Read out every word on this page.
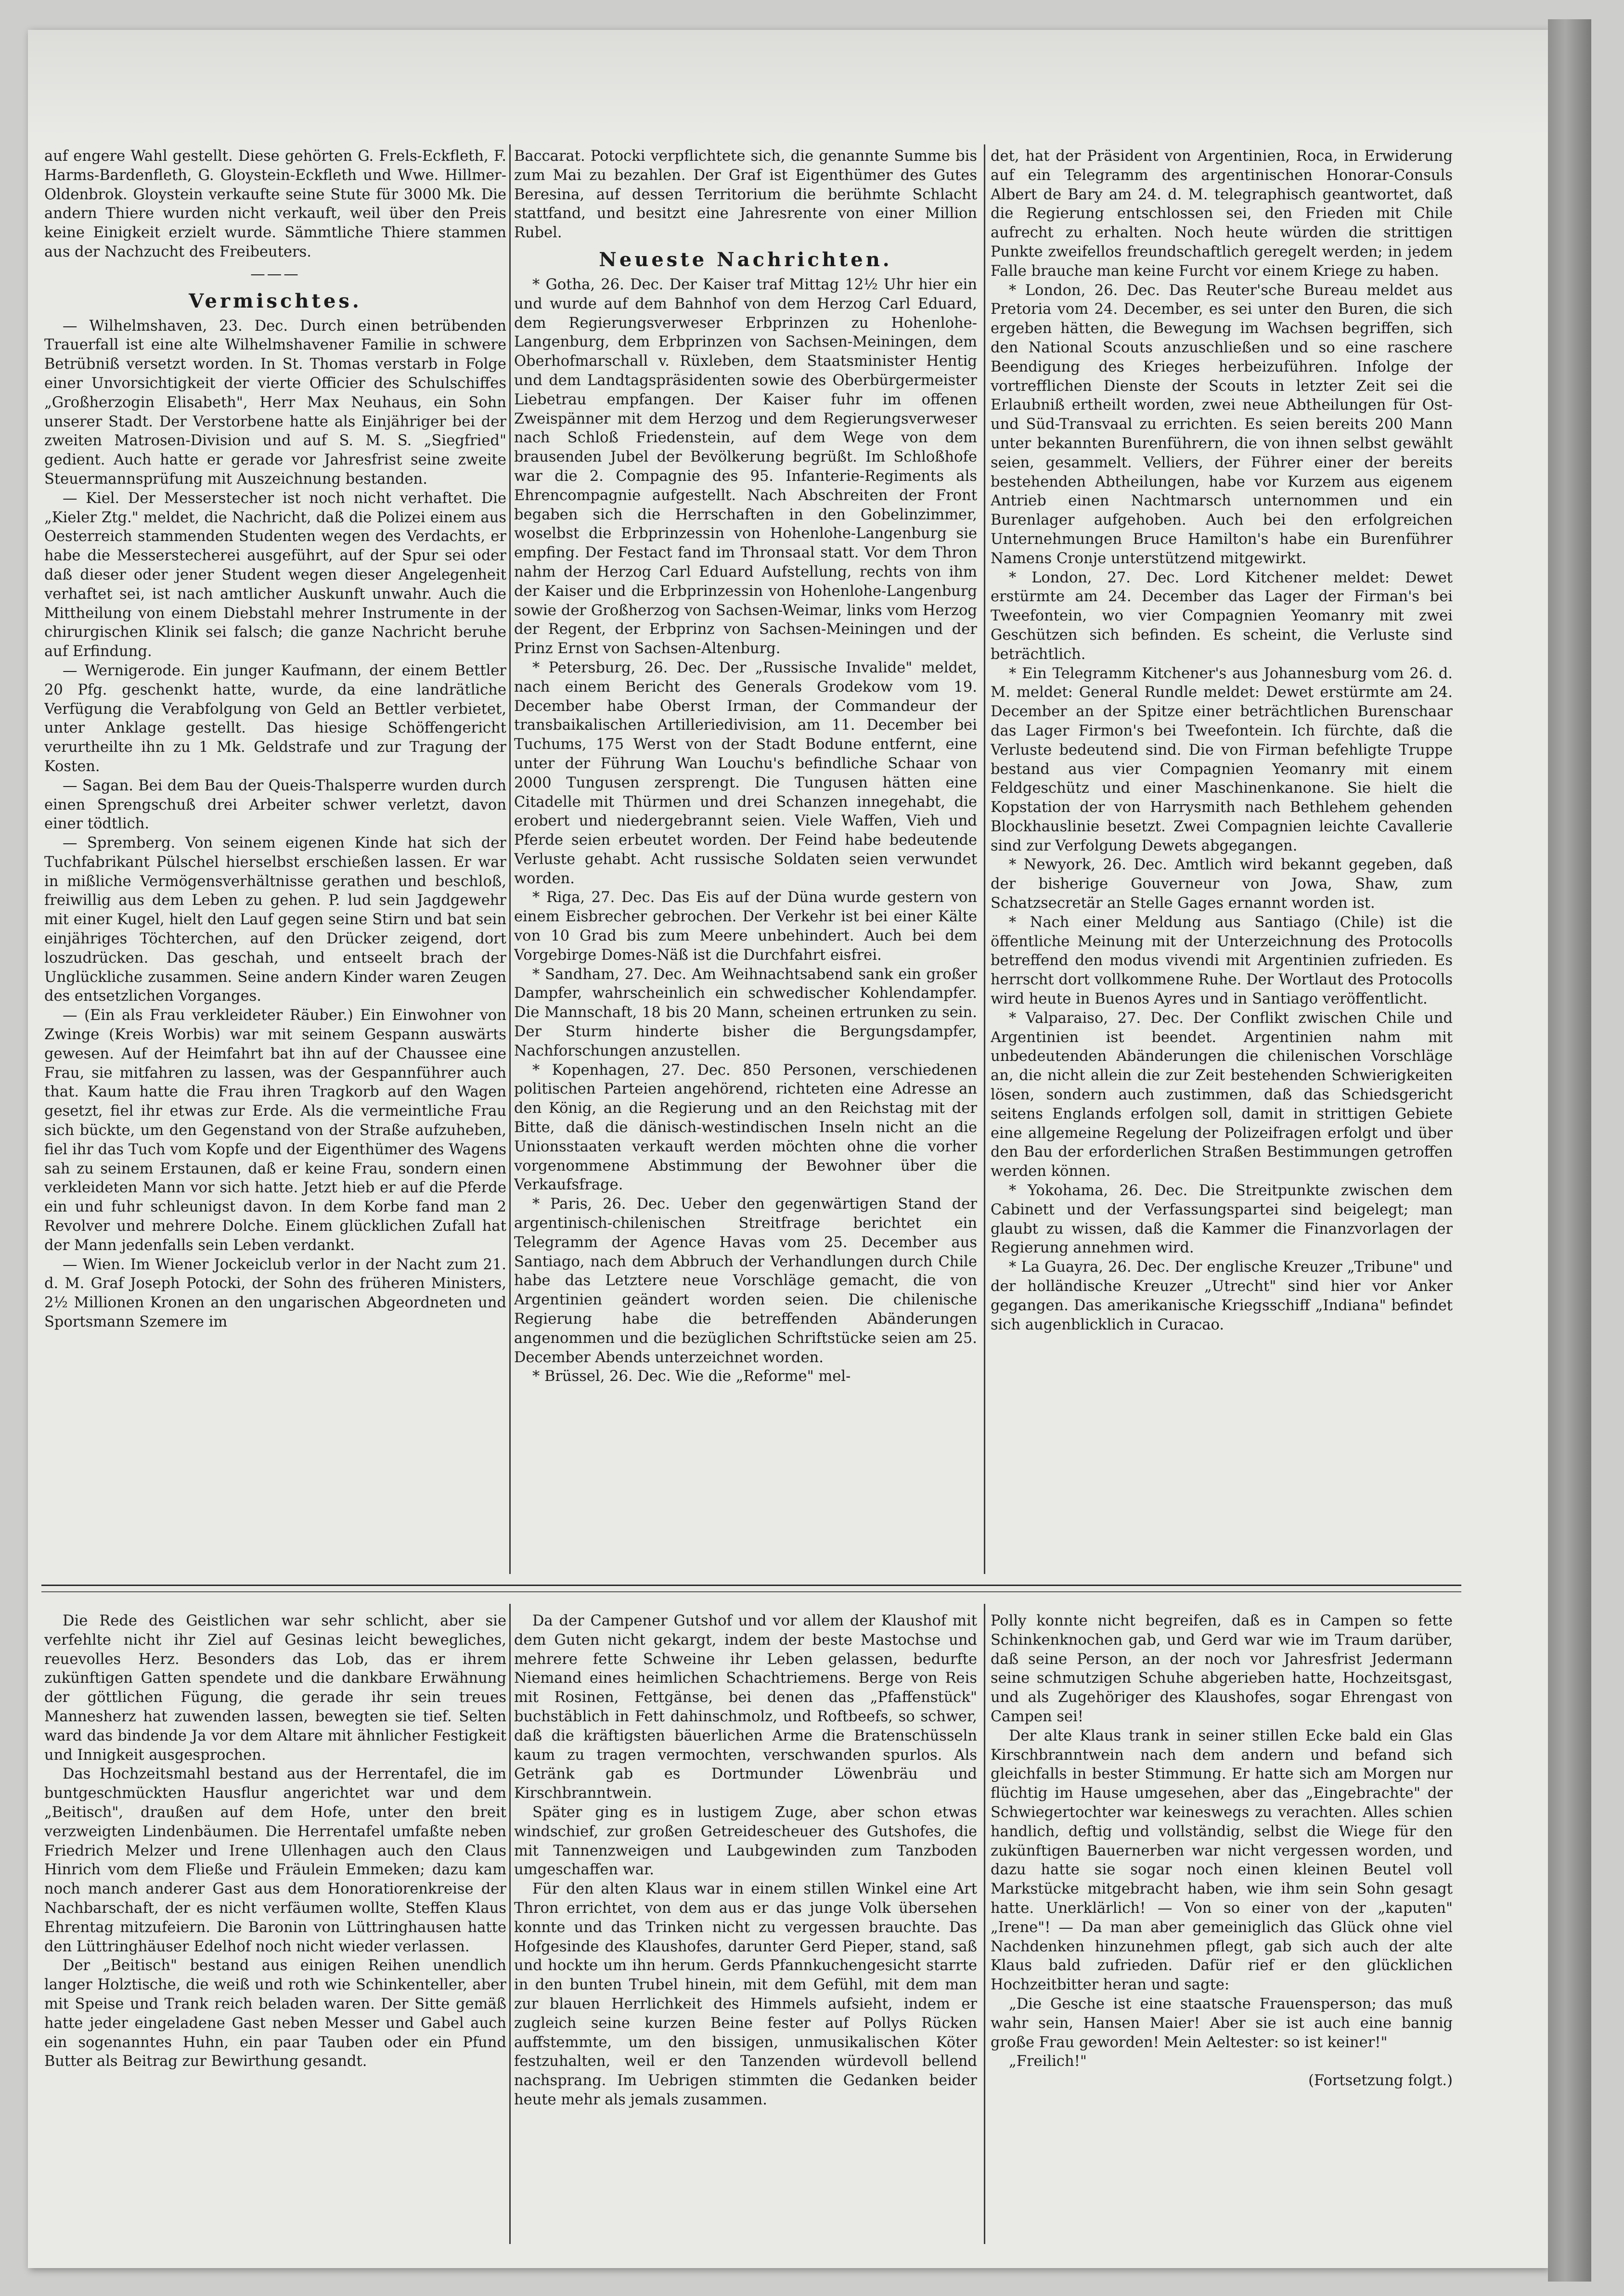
auf engere Wahl gestellt. Diese gehörten G. Frels-Eckfleth, F. Harms-Bardenfleth, G. Gloystein-Eckfleth und Wwe. Hillmer-Oldenbrok. Gloystein verkaufte seine Stute für 3000 Mk. Die andern Thiere wurden nicht verkauft, weil über den Preis keine Einigkeit erzielt wurde. Sämmtliche Thiere stammen aus der Nachzucht des Freibeuters.

———
Vermischtes.

— Wilhelmshaven, 23. Dec. Durch einen betrübenden Trauerfall ist eine alte Wilhelmshavener Familie in schwere Betrübniß versetzt worden. In St. Thomas verstarb in Folge einer Unvorsichtigkeit der vierte Officier des Schulschiffes „Großherzogin Elisabeth", Herr Max Neuhaus, ein Sohn unserer Stadt. Der Verstorbene hatte als Einjähriger bei der zweiten Matrosen-Division und auf S. M. S. „Siegfried" gedient. Auch hatte er gerade vor Jahresfrist seine zweite Steuermannsprüfung mit Auszeichnung bestanden.

— Kiel. Der Messerstecher ist noch nicht verhaftet. Die „Kieler Ztg." meldet, die Nachricht, daß die Polizei einem aus Oesterreich stammenden Studenten wegen des Verdachts, er habe die Messerstecherei ausgeführt, auf der Spur sei oder daß dieser oder jener Student wegen dieser Angelegenheit verhaftet sei, ist nach amtlicher Auskunft unwahr. Auch die Mittheilung von einem Diebstahl mehrer Instrumente in der chirurgischen Klinik sei falsch; die ganze Nachricht beruhe auf Erfindung.

— Wernigerode. Ein junger Kaufmann, der einem Bettler 20 Pfg. geschenkt hatte, wurde, da eine landrätliche Verfügung die Verabfolgung von Geld an Bettler verbietet, unter Anklage gestellt. Das hiesige Schöffengericht verurtheilte ihn zu 1 Mk. Geldstrafe und zur Tragung der Kosten.

— Sagan. Bei dem Bau der Queis-Thalsperre wurden durch einen Sprengschuß drei Arbeiter schwer verletzt, davon einer tödtlich.

— Spremberg. Von seinem eigenen Kinde hat sich der Tuchfabrikant Pülschel hierselbst erschießen lassen. Er war in mißliche Vermögensverhältnisse gerathen und beschloß, freiwillig aus dem Leben zu gehen. P. lud sein Jagdgewehr mit einer Kugel, hielt den Lauf gegen seine Stirn und bat sein einjähriges Töchterchen, auf den Drücker zeigend, dort loszudrücken. Das geschah, und entseelt brach der Unglückliche zusammen. Seine andern Kinder waren Zeugen des entsetzlichen Vorganges.

— (Ein als Frau verkleideter Räuber.) Ein Einwohner von Zwinge (Kreis Worbis) war mit seinem Gespann auswärts gewesen. Auf der Heimfahrt bat ihn auf der Chaussee eine Frau, sie mitfahren zu lassen, was der Gespannführer auch that. Kaum hatte die Frau ihren Tragkorb auf den Wagen gesetzt, fiel ihr etwas zur Erde. Als die vermeintliche Frau sich bückte, um den Gegenstand von der Straße aufzuheben, fiel ihr das Tuch vom Kopfe und der Eigenthümer des Wagens sah zu seinem Erstaunen, daß er keine Frau, sondern einen verkleideten Mann vor sich hatte. Jetzt hieb er auf die Pferde ein und fuhr schleunigst davon. In dem Korbe fand man 2 Revolver und mehrere Dolche. Einem glücklichen Zufall hat der Mann jedenfalls sein Leben verdankt.

— Wien. Im Wiener Jockeiclub verlor in der Nacht zum 21. d. M. Graf Joseph Potocki, der Sohn des früheren Ministers, 2½ Millionen Kronen an den ungarischen Abgeordneten und Sportsmann Szemere im

Baccarat. Potocki verpflichtete sich, die genannte Summe bis zum Mai zu bezahlen. Der Graf ist Eigenthümer des Gutes Beresina, auf dessen Territorium die berühmte Schlacht stattfand, und besitzt eine Jahresrente von einer Million Rubel.

Neueste Nachrichten.

* Gotha, 26. Dec. Der Kaiser traf Mittag 12½ Uhr hier ein und wurde auf dem Bahnhof von dem Herzog Carl Eduard, dem Regierungsverweser Erbprinzen zu Hohenlohe-Langenburg, dem Erbprinzen von Sachsen-Meiningen, dem Oberhofmarschall v. Rüxleben, dem Staatsminister Hentig und dem Landtagspräsidenten sowie des Oberbürgermeister Liebetrau empfangen. Der Kaiser fuhr im offenen Zweispänner mit dem Herzog und dem Regierungsverweser nach Schloß Friedenstein, auf dem Wege von dem brausenden Jubel der Bevölkerung begrüßt. Im Schloßhofe war die 2. Compagnie des 95. Infanterie-Regiments als Ehrencompagnie aufgestellt. Nach Abschreiten der Front begaben sich die Herrschaften in den Gobelinzimmer, woselbst die Erbprinzessin von Hohenlohe-Langenburg sie empfing. Der Festact fand im Thronsaal statt. Vor dem Thron nahm der Herzog Carl Eduard Aufstellung, rechts von ihm der Kaiser und die Erbprinzessin von Hohenlohe-Langenburg sowie der Großherzog von Sachsen-Weimar, links vom Herzog der Regent, der Erbprinz von Sachsen-Meiningen und der Prinz Ernst von Sachsen-Altenburg.

* Petersburg, 26. Dec. Der „Russische Invalide" meldet, nach einem Bericht des Generals Grodekow vom 19. December habe Oberst Irman, der Commandeur der transbaikalischen Artilleriedivision, am 11. December bei Tuchums, 175 Werst von der Stadt Bodune entfernt, eine unter der Führung Wan Louchu's befindliche Schaar von 2000 Tungusen zersprengt. Die Tungusen hätten eine Citadelle mit Thürmen und drei Schanzen innegehabt, die erobert und niedergebrannt seien. Viele Waffen, Vieh und Pferde seien erbeutet worden. Der Feind habe bedeutende Verluste gehabt. Acht russische Soldaten seien verwundet worden.

* Riga, 27. Dec. Das Eis auf der Düna wurde gestern von einem Eisbrecher gebrochen. Der Verkehr ist bei einer Kälte von 10 Grad bis zum Meere unbehindert. Auch bei dem Vorgebirge Domes-Näß ist die Durchfahrt eisfrei.

* Sandham, 27. Dec. Am Weihnachtsabend sank ein großer Dampfer, wahrscheinlich ein schwedischer Kohlendampfer. Die Mannschaft, 18 bis 20 Mann, scheinen ertrunken zu sein. Der Sturm hinderte bisher die Bergungsdampfer, Nachforschungen anzustellen.

* Kopenhagen, 27. Dec. 850 Personen, verschiedenen politischen Parteien angehörend, richteten eine Adresse an den König, an die Regierung und an den Reichstag mit der Bitte, daß die dänisch-westindischen Inseln nicht an die Unionsstaaten verkauft werden möchten ohne die vorher vorgenommene Abstimmung der Bewohner über die Verkaufsfrage.

* Paris, 26. Dec. Ueber den gegenwärtigen Stand der argentinisch-chilenischen Streitfrage berichtet ein Telegramm der Agence Havas vom 25. December aus Santiago, nach dem Abbruch der Verhandlungen durch Chile habe das Letztere neue Vorschläge gemacht, die von Argentinien geändert worden seien. Die chilenische Regierung habe die betreffenden Abänderungen angenommen und die bezüglichen Schriftstücke seien am 25. December Abends unterzeichnet worden.

* Brüssel, 26. Dec. Wie die „Reforme" mel-

det, hat der Präsident von Argentinien, Roca, in Erwiderung auf ein Telegramm des argentinischen Honorar-Consuls Albert de Bary am 24. d. M. telegraphisch geantwortet, daß die Regierung entschlossen sei, den Frieden mit Chile aufrecht zu erhalten. Noch heute würden die strittigen Punkte zweifellos freundschaftlich geregelt werden; in jedem Falle brauche man keine Furcht vor einem Kriege zu haben.

* London, 26. Dec. Das Reuter'sche Bureau meldet aus Pretoria vom 24. December, es sei unter den Buren, die sich ergeben hätten, die Bewegung im Wachsen begriffen, sich den National Scouts anzuschließen und so eine raschere Beendigung des Krieges herbeizuführen. Infolge der vortrefflichen Dienste der Scouts in letzter Zeit sei die Erlaubniß ertheilt worden, zwei neue Abtheilungen für Ost- und Süd-Transvaal zu errichten. Es seien bereits 200 Mann unter bekannten Burenführern, die von ihnen selbst gewählt seien, gesammelt. Velliers, der Führer einer der bereits bestehenden Abtheilungen, habe vor Kurzem aus eigenem Antrieb einen Nachtmarsch unternommen und ein Burenlager aufgehoben. Auch bei den erfolgreichen Unternehmungen Bruce Hamilton's habe ein Burenführer Namens Cronje unterstützend mitgewirkt.

* London, 27. Dec. Lord Kitchener meldet: Dewet erstürmte am 24. December das Lager der Firman's bei Tweefontein, wo vier Compagnien Yeomanry mit zwei Geschützen sich befinden. Es scheint, die Verluste sind beträchtlich.

* Ein Telegramm Kitchener's aus Johannesburg vom 26. d. M. meldet: General Rundle meldet: Dewet erstürmte am 24. December an der Spitze einer beträchtlichen Burenschaar das Lager Firmon's bei Tweefontein. Ich fürchte, daß die Verluste bedeutend sind. Die von Firman befehligte Truppe bestand aus vier Compagnien Yeomanry mit einem Feldgeschütz und einer Maschinenkanone. Sie hielt die Kopstation der von Harrysmith nach Bethlehem gehenden Blockhauslinie besetzt. Zwei Compagnien leichte Cavallerie sind zur Verfolgung Dewets abgegangen.

* Newyork, 26. Dec. Amtlich wird bekannt gegeben, daß der bisherige Gouverneur von Jowa, Shaw, zum Schatzsecretär an Stelle Gages ernannt worden ist.

* Nach einer Meldung aus Santiago (Chile) ist die öffentliche Meinung mit der Unterzeichnung des Protocolls betreffend den modus vivendi mit Argentinien zufrieden. Es herrscht dort vollkommene Ruhe. Der Wortlaut des Protocolls wird heute in Buenos Ayres und in Santiago veröffentlicht.

* Valparaiso, 27. Dec. Der Conflikt zwischen Chile und Argentinien ist beendet. Argentinien nahm mit unbedeutenden Abänderungen die chilenischen Vorschläge an, die nicht allein die zur Zeit bestehenden Schwierigkeiten lösen, sondern auch zustimmen, daß das Schiedsgericht seitens Englands erfolgen soll, damit in strittigen Gebiete eine allgemeine Regelung der Polizeifragen erfolgt und über den Bau der erforderlichen Straßen Bestimmungen getroffen werden können.

* Yokohama, 26. Dec. Die Streitpunkte zwischen dem Cabinett und der Verfassungspartei sind beigelegt; man glaubt zu wissen, daß die Kammer die Finanzvorlagen der Regierung annehmen wird.

* La Guayra, 26. Dec. Der englische Kreuzer „Tribune" und der holländische Kreuzer „Utrecht" sind hier vor Anker gegangen. Das amerikanische Kriegsschiff „Indiana" befindet sich augenblicklich in Curacao.

Die Rede des Geistlichen war sehr schlicht, aber sie verfehlte nicht ihr Ziel auf Gesinas leicht bewegliches, reuevolles Herz. Besonders das Lob, das er ihrem zukünftigen Gatten spendete und die dankbare Erwähnung der göttlichen Fügung, die gerade ihr sein treues Mannesherz hat zuwenden lassen, bewegten sie tief. Selten ward das bindende Ja vor dem Altare mit ähnlicher Festigkeit und Innigkeit ausgesprochen.

Das Hochzeitsmahl bestand aus der Herrentafel, die im buntgeschmückten Hausflur angerichtet war und dem „Beitisch", draußen auf dem Hofe, unter den breit verzweigten Lindenbäumen. Die Herrentafel umfaßte neben Friedrich Melzer und Irene Ullenhagen auch den Claus Hinrich vom dem Fließe und Fräulein Emmeken; dazu kam noch manch anderer Gast aus dem Honoratiorenkreise der Nachbarschaft, der es nicht verfäumen wollte, Steffen Klaus Ehrentag mitzufeiern. Die Baronin von Lüttringhausen hatte den Lüttringhäuser Edelhof noch nicht wieder verlassen.

Der „Beitisch" bestand aus einigen Reihen unendlich langer Holztische, die weiß und roth wie Schinkenteller, aber mit Speise und Trank reich beladen waren. Der Sitte gemäß hatte jeder eingeladene Gast neben Messer und Gabel auch ein sogenanntes Huhn, ein paar Tauben oder ein Pfund Butter als Beitrag zur Bewirthung gesandt.

Da der Campener Gutshof und vor allem der Klaushof mit dem Guten nicht gekargt, indem der beste Mastochse und mehrere fette Schweine ihr Leben gelassen, bedurfte Niemand eines heimlichen Schachtriemens. Berge von Reis mit Rosinen, Fettgänse, bei denen das „Pfaffenstück" buchstäblich in Fett dahinschmolz, und Roftbeefs, so schwer, daß die kräftigsten bäuerlichen Arme die Bratenschüsseln kaum zu tragen vermochten, verschwanden spurlos. Als Getränk gab es Dortmunder Löwenbräu und Kirschbranntwein.

Später ging es in lustigem Zuge, aber schon etwas windschief, zur großen Getreidescheuer des Gutshofes, die mit Tannenzweigen und Laubgewinden zum Tanzboden umgeschaffen war.

Für den alten Klaus war in einem stillen Winkel eine Art Thron errichtet, von dem aus er das junge Volk übersehen konnte und das Trinken nicht zu vergessen brauchte. Das Hofgesinde des Klaushofes, darunter Gerd Pieper, stand, saß und hockte um ihn herum. Gerds Pfannkuchengesicht starrte in den bunten Trubel hinein, mit dem Gefühl, mit dem man zur blauen Herrlichkeit des Himmels aufsieht, indem er zugleich seine kurzen Beine fester auf Pollys Rücken auffstemmte, um den bissigen, unmusikalischen Köter festzuhalten, weil er den Tanzenden würdevoll bellend nachsprang. Im Uebrigen stimmten die Gedanken beider heute mehr als jemals zusammen.

Polly konnte nicht begreifen, daß es in Campen so fette Schinkenknochen gab, und Gerd war wie im Traum darüber, daß seine Person, an der noch vor Jahresfrist Jedermann seine schmutzigen Schuhe abgerieben hatte, Hochzeitsgast, und als Zugehöriger des Klaushofes, sogar Ehrengast von Campen sei!

Der alte Klaus trank in seiner stillen Ecke bald ein Glas Kirschbranntwein nach dem andern und befand sich gleichfalls in bester Stimmung. Er hatte sich am Morgen nur flüchtig im Hause umgesehen, aber das „Eingebrachte" der Schwiegertochter war keineswegs zu verachten. Alles schien handlich, deftig und vollständig, selbst die Wiege für den zukünftigen Bauernerben war nicht vergessen worden, und dazu hatte sie sogar noch einen kleinen Beutel voll Markstücke mitgebracht haben, wie ihm sein Sohn gesagt hatte. Unerklärlich! — Von so einer von der „kaputen" „Irene"! — Da man aber gemeiniglich das Glück ohne viel Nachdenken hinzunehmen pflegt, gab sich auch der alte Klaus bald zufrieden. Dafür rief er den glücklichen Hochzeitbitter heran und sagte:

„Die Gesche ist eine staatsche Frauensperson; das muß wahr sein, Hansen Maier! Aber sie ist auch eine bannig große Frau geworden! Mein Aeltester: so ist keiner!"

„Freilich!"

(Fortsetzung folgt.)
